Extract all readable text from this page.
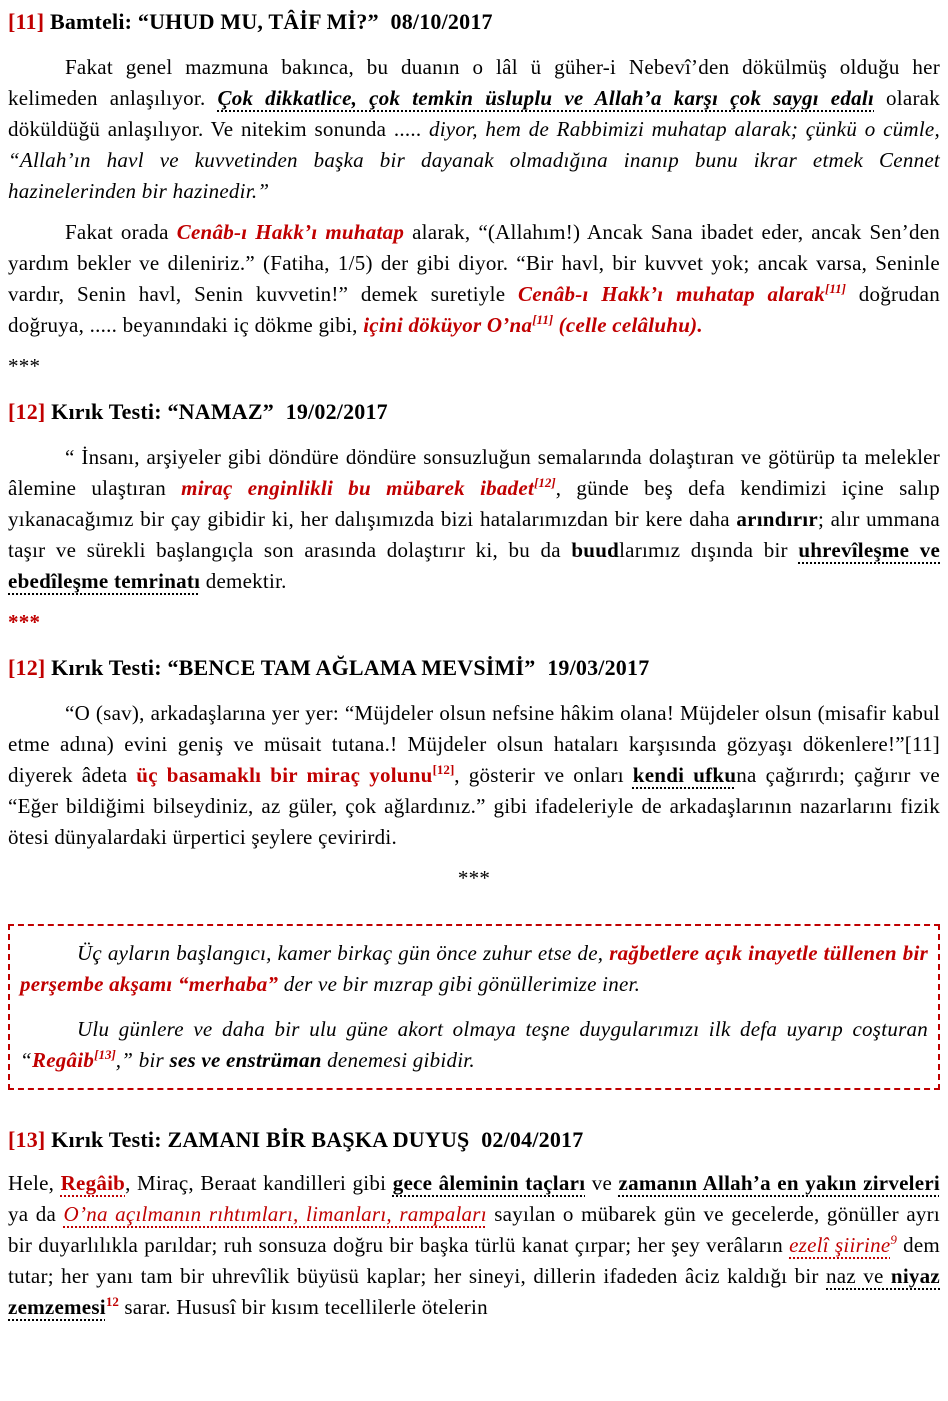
[11] Bamteli: “UHUD MU, TÂİF Mİ?” 08/10/2017

Fakat genel mazmuna bakınca, bu duanın o lâl ü güher-i Nebevî’den dökülmüş olduğu her kelimeden anlaşılıyor. Çok dikkatlice, çok temkin üsluplu ve Allah’a karşı çok saygı edalı olarak döküldüğü anlaşılıyor. Ve nitekim sonunda ..... diyor, hem de Rabbimizi muhatap alarak; çünkü o cümle, “Allah’ın havl ve kuvvetinden başka bir dayanak olmadığına inanıp bunu ikrar etmek Cennet hazinelerinden bir hazinedir.”

Fakat orada Cenâb-ı Hakk’ı muhatap alarak, “(Allahım!) Ancak Sana ibadet eder, ancak Sen’den yardım bekler ve dileniriz.” (Fatiha, 1/5) der gibi diyor. “Bir havl, bir kuvvet yok; ancak varsa, Seninle vardır, Senin havl, Senin kuvvetin!” demek suretiyle Cenâb-ı Hakk’ı muhatap alarak[11] doğrudan doğruya, ..... beyanındaki iç dökme gibi, içini döküyor O’na[11] (celle celâluhu).

***

[12] Kırık Testi: “NAMAZ” 19/02/2017

“ İnsanı, arşiyeler gibi döndüre döndüre sonsuzluğun semalarında dolaştıran ve götürüp ta melekler âlemine ulaştıran miraç enginlikli bu mübarek ibadet[12], günde beş defa kendimizi içine salıp yıkanacağımız bir çay gibidir ki, her dalışımızda bizi hatalarımızdan bir kere daha arındırır; alır ummana taşır ve sürekli başlangıçla son arasında dolaştırır ki, bu da buudlarımız dışında bir uhrevîleşme ve ebedîleşme temrinatı demektir.

***

[12] Kırık Testi: “BENCE TAM AĞLAMA MEVSİMİ” 19/03/2017

“O (sav), arkadaşlarına yer yer: “Müjdeler olsun nefsine hâkim olana! Müjdeler olsun (misafir kabul etme adına) evini geniş ve müsait tutana.! Müjdeler olsun hataları karşısında gözyaşı dökenlere!”[11] diyerek âdeta üç basamaklı bir miraç yolunu[12], gösterir ve onları kendi ufkuna çağırırdı; çağırır ve “Eğer bildiğimi bilseydiniz, az güler, çok ağlardınız.” gibi ifadeleriyle de arkadaşlarının nazarlarını fizik ötesi dünyalardaki ürpertici şeylere çevirirdi.

***

Üç ayların başlangıcı, kamer birkaç gün önce zuhur etse de, rağbetlere açık inayetle tüllenen bir perşembe akşamı “merhaba” der ve bir mızrap gibi gönüllerimize iner.

Ulu günlere ve daha bir ulu güne akort olmaya teşne duygularımızı ilk defa uyarıp coşturan “Regâib[13],” bir ses ve enstrüman denemesi gibidir.

[13] Kırık Testi: ZAMANI BİR BAŞKA DUYUŞ 02/04/2017

Hele, Regâib, Miraç, Beraat kandilleri gibi gece âleminin taçları ve zamanın Allah’a en yakın zirveleri ya da O’na açılmanın rıhtımları, limanları, rampaları sayılan o mübarek gün ve gecelerde, gönüller ayrı bir duyarlılıkla parıldar; ruh sonsuza doğru bir başka türlü kanat çırpar; her şey verâların ezelî şiirine$^9$ dem tutar; her yanı tam bir uhrevîlik büyüsü kaplar; her sineyi, dillerin ifadeden âciz kaldığı bir naz ve niyaz zemzemesi$^{12}$ sarar. Hususî bir kısım tecellilerle ötelerin
